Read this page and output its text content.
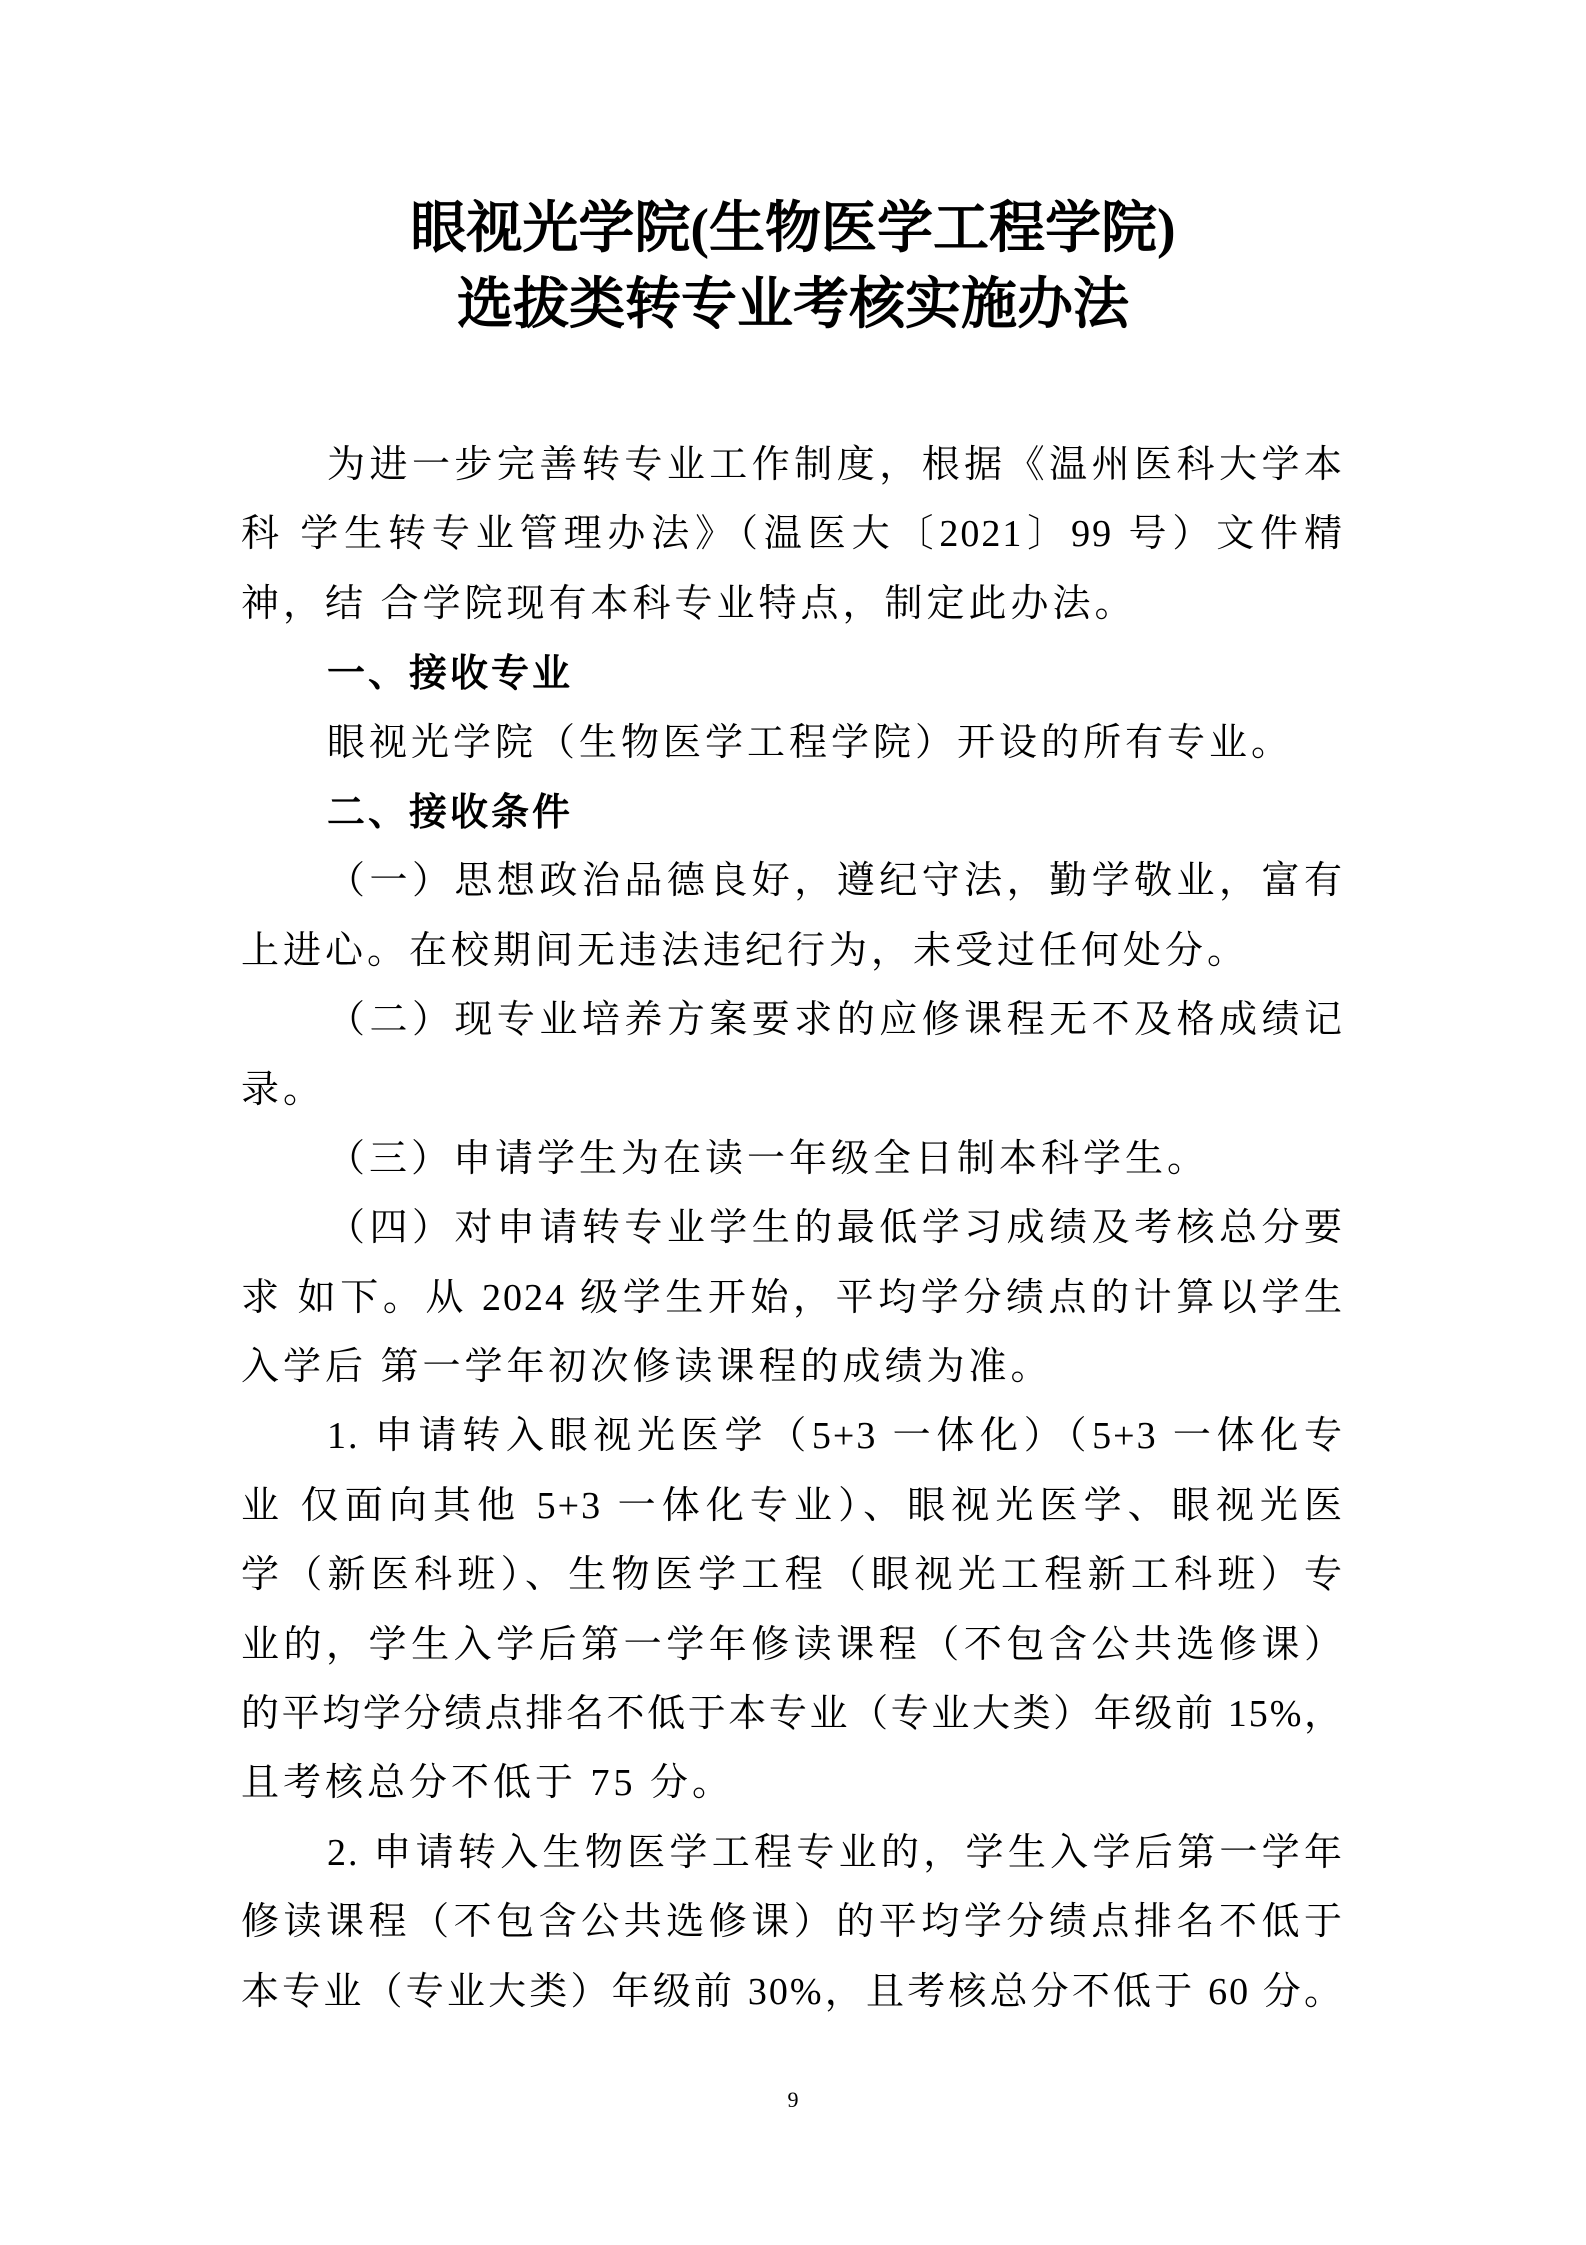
眼视光学院(生物医学工程学院)
选拔类转专业考核实施办法
为进一步完善转专业工作制度，根据《温州医科大学本
科 学生转专业管理办法》（温医大〔2021〕99 号）文件精
神，结 合学院现有本科专业特点，制定此办法。
一、接收专业
眼视光学院（生物医学工程学院）开设的所有专业。
二、接收条件
（一）思想政治品德良好，遵纪守法，勤学敬业，富有
上进心。在校期间无违法违纪行为，未受过任何处分。
（二）现专业培养方案要求的应修课程无不及格成绩记
录。
（三）申请学生为在读一年级全日制本科学生。
（四）对申请转专业学生的最低学习成绩及考核总分要
求 如下。从 2024 级学生开始，平均学分绩点的计算以学生
入学后 第一学年初次修读课程的成绩为准。
1. 申请转入眼视光医学（5+3 一体化）（5+3 一体化专
业 仅面向其他 5+3 一体化专业）、眼视光医学、眼视光医
学（新医科班）、生物医学工程（眼视光工程新工科班）专
业的，学生入学后第一学年修读课程（不包含公共选修课）
的平均学分绩点排名不低于本专业（专业大类）年级前 15%，
且考核总分不低于 75 分。
2. 申请转入生物医学工程专业的，学生入学后第一学年
修读课程（不包含公共选修课）的平均学分绩点排名不低于
本专业（专业大类）年级前 30%，且考核总分不低于 60 分。
9
